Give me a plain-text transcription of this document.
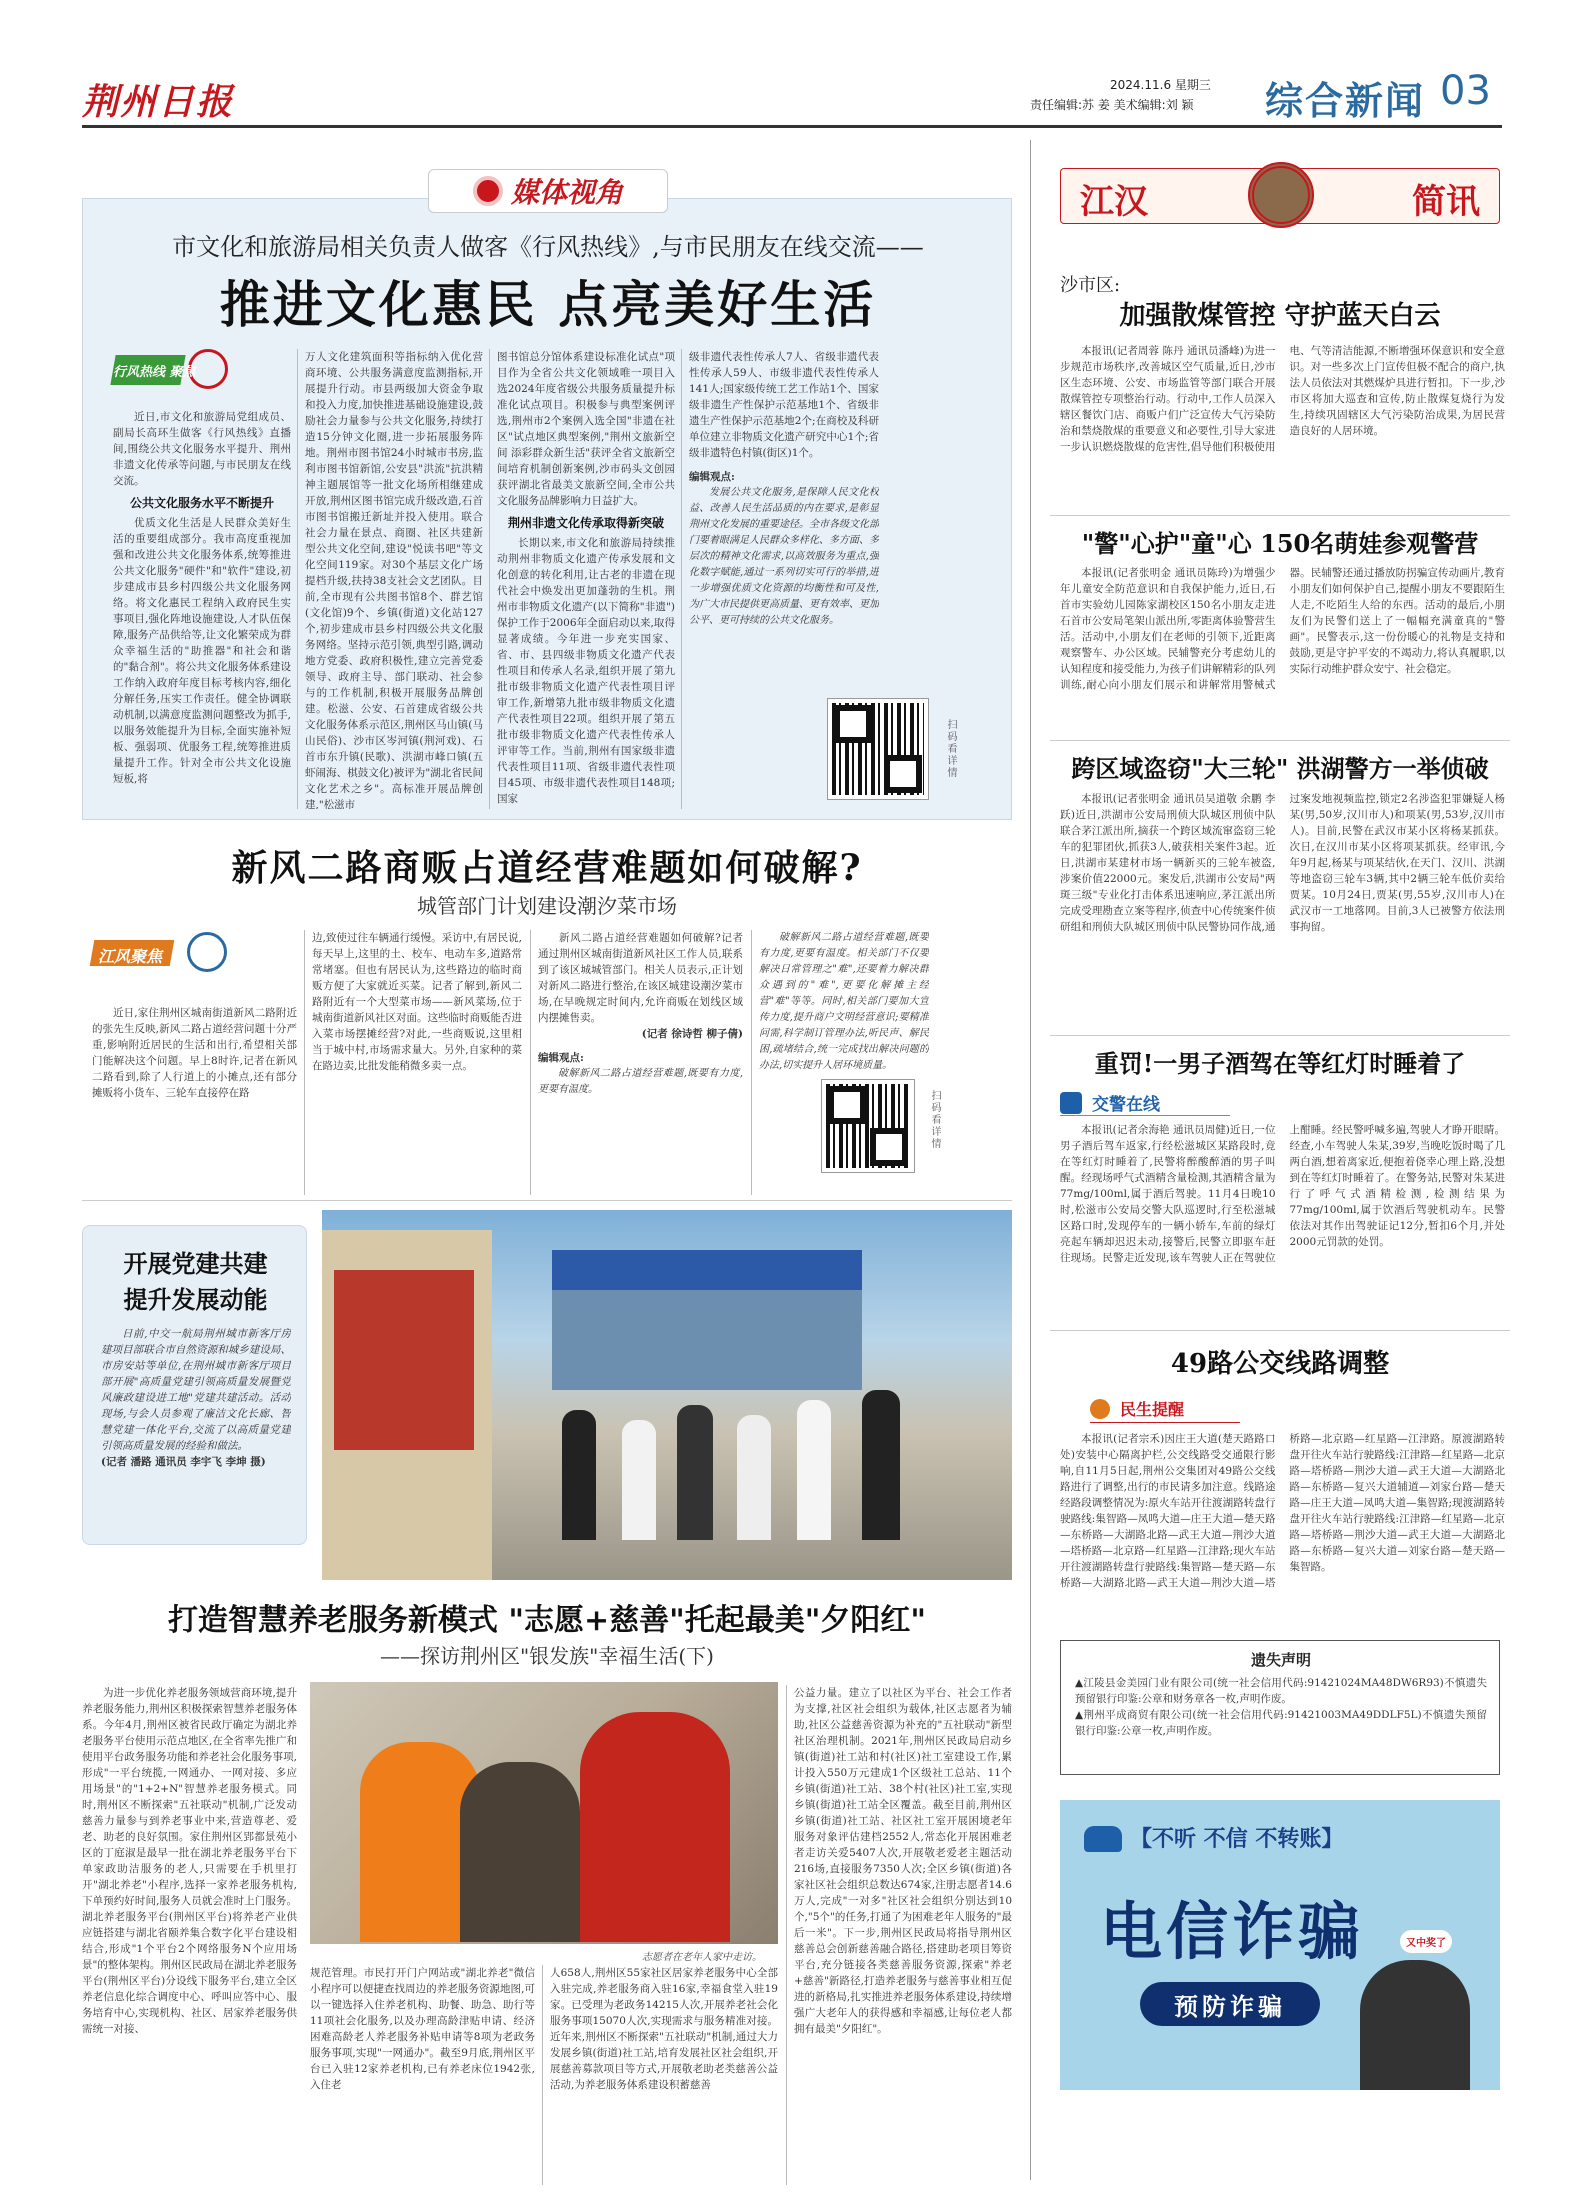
荆州日报	2024.11.6 星期三
责任编辑:苏 姜 美术编辑:刘 颖 综合新闻 03
媒体视角
市文化和旅游局相关负责人做客《行风热线》,与市民朋友在线交流——
推进文化惠民 点亮美好生活
行风热线 聚焦

近日,市文化和旅游局党组成员、副局长高环生做客《行风热线》直播间,围绕公共文化服务水平提升、荆州非遗文化传承等问题,与市民朋友在线交流。

公共文化服务水平不断提升

优质文化生活是人民群众美好生活的重要组成部分。我市高度重视加强和改进公共文化服务体系,统筹推进公共文化服务"硬件"和"软件"建设,初步建成市县乡村四级公共文化服务网络。将文化惠民工程纳入政府民生实事项目,强化阵地设施建设,人才队伍保障,服务产品供给等,让文化繁荣成为群众幸福生活的"助推器"和社会和谐的"黏合剂"。将公共文化服务体系建设工作纳入政府年度目标考核内容,细化分解任务,压实工作责任。健全协调联动机制,以满意度监测问题整改为抓手,以服务效能提升为目标,全面实施补短板、强弱项、优服务工程,统筹推进质量提升工作。针对全市公共文化设施短板,将

万人文化建筑面积等指标纳入优化营商环境、公共服务满意度监测指标,开展提升行动。市县两级加大资金争取和投入力度,加快推进基础设施建设,鼓励社会力量参与公共文化服务,持续打造15分钟文化圈,进一步拓展服务阵地。荆州市图书馆24小时城市书房,监利市图书馆新馆,公安县"洪流"抗洪精神主题展馆等一批文化场所相继建成开放,荆州区图书馆完成升级改造,石首市图书馆搬迁新址并投入使用。联合社会力量在景点、商圈、社区共建新型公共文化空间,建设"悦读书吧"等文化空间119家。对30个基层文化广场提档升级,扶持38支社会文艺团队。目前,全市现有公共图书馆8个、群艺馆(文化馆)9个、乡镇(街道)文化站127个,初步建成市县乡村四级公共文化服务网络。坚持示范引领,典型引路,调动地方党委、政府积极性,建立完善党委领导、政府主导、部门联动、社会参与的工作机制,积极开展服务品牌创建。松滋、公安、石首建成省级公共文化服务体系示范区,荆州区马山镇(马山民俗)、沙市区岑河镇(荆河戏)、石首市东升镇(民歌)、洪湖市峰口镇(五虾闹海、棋鼓文化)被评为"湖北省民间文化艺术之乡"。高标准开展品牌创建,"松滋市

图书馆总分馆体系建设标准化试点"项目作为全省公共文化领域唯一项目入选2024年度省级公共服务质量提升标准化试点项目。积极参与典型案例评选,荆州市2个案例入选全国"非遗在社区"试点地区典型案例,"荆州文旅新空间 添彩群众新生活"获评全省文旅新空间培育机制创新案例,沙市码头文创园获评湖北省最美文旅新空间,全市公共文化服务品牌影响力日益扩大。

荆州非遗文化传承取得新突破

长期以来,市文化和旅游局持续推动荆州非物质文化遗产传承发展和文化创意的转化利用,让古老的非遗在现代社会中焕发出更加蓬勃的生机。荆州市非物质文化遗产(以下简称"非遗")保护工作于2006年全面启动以来,取得显著成绩。今年进一步充实国家、省、市、县四级非物质文化遗产代表性项目和传承人名录,组织开展了第九批市级非物质文化遗产代表性项目评审工作,新增第九批市级非物质文化遗产代表性项目22项。组织开展了第五批市级非物质文化遗产代表性传承人评审等工作。当前,荆州有国家级非遗代表性项目11项、省级非遗代表性项目45项、市级非遗代表性项目148项;国家

级非遗代表性传承人7人、省级非遗代表性传承人59人、市级非遗代表性传承人141人;国家级传统工艺工作站1个、国家级非遗生产性保护示范基地1个、省级非遗生产性保护示范基地2个;在商校及科研单位建立非物质文化遗产研究中心1个;省级非遗特色村镇(街区)1个。

编辑观点:

发展公共文化服务,是保障人民文化权益、改善人民生活品质的内在要求,是彰显荆州文化发展的重要途径。全市各级文化部门要着眼满足人民群众多样化、多方面、多层次的精神文化需求,以高效服务为重点,强化数字赋能,通过一系列切实可行的举措,进一步增强优质文化资源的均衡性和可及性,为广大市民提供更高质量、更有效率、更加公平、更可持续的公共文化服务。

扫码看详情
新风二路商贩占道经营难题如何破解?
城管部门计划建设潮汐菜市场
江风聚焦

近日,家住荆州区城南街道新风二路附近的张先生反映,新风二路占道经营问题十分严重,影响附近居民的生活和出行,希望相关部门能解决这个问题。早上8时许,记者在新风二路看到,除了人行道上的小摊点,还有部分摊贩将小货车、三轮车直接停在路

边,致使过往车辆通行缓慢。采访中,有居民说,每天早上,这里的土、校车、电动车多,道路常常堵塞。但也有居民认为,这些路边的临时商贩方便了大家就近买菜。记者了解到,新风二路附近有一个大型菜市场——新风菜场,位于城南街道新风社区对面。这些临时商贩能否进入菜市场摆摊经营?对此,一些商贩说,这里相当于城中村,市场需求量大。另外,自家种的菜在路边卖,比批发能稍微多卖一点。

新风二路占道经营难题如何破解?记者通过荆州区城南街道新风社区工作人员,联系到了该区城城管部门。相关人员表示,正计划对新风二路进行整治,在该区城建设潮汐菜市场,在早晚规定时间内,允许商贩在划线区域内摆摊售卖。

(记者 徐诗哲 柳子倩)
编辑观点:

破解新风二路占道经营难题,既要有力度,更要有温度。

破解新风二路占道经营难题,既要有力度,更要有温度。相关部门不仅要解决日常管理之"难",还要着力解决群众遇到的"难",更要化解摊主经营"难"等等。同时,相关部门要加大宣传力度,提升商户文明经营意识;要精准问需,科学制订管理办法,听民声、解民困,疏堵结合,统一完成找出解决问题的办法,切实提升人居环境质量。

扫码看详情
开展党建共建
提升发展动能

日前,中交一航局荆州城市新客厅房建项目部联合市自然资源和城乡建设局、市房安站等单位,在荆州城市新客厅项目部开展"高质量党建引领高质量发展暨党风廉政建设进工地"党建共建活动。活动现场,与会人员参观了廉洁文化长廊、智慧党建一体化平台,交流了以高质量党建引领高质量发展的经验和做法。

(记者 潘路 通讯员 李宇飞 李坤 摄)
打造智慧养老服务新模式 "志愿+慈善"托起最美"夕阳红"
——探访荆州区"银发族"幸福生活(下)

为进一步优化养老服务领域营商环境,提升养老服务能力,荆州区积极探索智慧养老服务体系。今年4月,荆州区被省民政厅确定为湖北养老服务平台使用示范点地区,在全省率先推广和使用平台政务服务功能和养老社会化服务事项,形成"一平台统揽,一网通办、一网对接、多应用场景"的"1+2+N"智慧养老服务模式。同时,荆州区不断探索"五社联动"机制,广泛发动慈善力量参与到养老事业中来,营造尊老、爱老、助老的良好氛围。家住荆州区郢都景苑小区的丁庭淑是最早一批在湖北养老服务平台下单家政助洁服务的老人,只需要在手机里打开"湖北养老"小程序,选择一家养老服务机构,下单预约好时间,服务人员就会准时上门服务。湖北养老服务平台(荆州区平台)将养老产业供应链搭建与湖北省颐养集合数字化平台建设相结合,形成"1个平台2个网络服务N个应用场景"的整体架构。荆州区民政局在湖北养老服务平台(荆州区平台)分设线下服务平台,建立全区养老信息化综合调度中心、呼叫应答中心、服务培育中心,实现机构、社区、居家养老服务供需统一对接、

志愿者在老年人家中走访。

规范管理。市民打开门户网站或"湖北养老"微信小程序可以便捷查找周边的养老服务资源地图,可以一键选择入住养老机构、助餐、助急、助行等11项社会化服务,以及办理高龄津贴申请、经济困难高龄老人养老服务补贴申请等8项为老政务服务事项,实现"一网通办"。截至9月底,荆州区平台已入驻12家养老机构,已有养老床位1942张,入住老

人658人,荆州区55家社区居家养老服务中心全部入驻完成,养老服务商入驻16家,幸福食堂入驻19家。已受理为老政务14215人次,开展养老社会化服务事项15070人次,实现需求与服务精准对接。近年来,荆州区不断探索"五社联动"机制,通过大力发展乡镇(街道)社工站,培育发展社区社会组织,开展慈善募款项目等方式,开展敬老助老类慈善公益活动,为养老服务体系建设积蓄慈善

公益力量。建立了以社区为平台、社会工作者为支撑,社区社会组织为载体,社区志愿者为辅助,社区公益慈善资源为补充的"五社联动"新型社区治理机制。2021年,荆州区民政局启动乡镇(街道)社工站和村(社区)社工室建设工作,累计投入550万元建成1个区级社工总站、11个乡镇(街道)社工站、38个村(社区)社工室,实现乡镇(街道)社工站全区覆盖。截至目前,荆州区乡镇(街道)社工站、社区社工室开展困境老年服务对象评估建档2552人,常态化开展困难老者走访关爱5407人次,开展敬老爱老主题活动216场,直接服务7350人次;全区乡镇(街道)各家社区社会组织总数达674家,注册志愿者14.6万人,完成"一对多"社区社会组织分别达到10个,"5个"的任务,打通了为困难老年人服务的"最后一米"。下一步,荆州区民政局将指导荆州区慈善总会创新慈善融合路径,搭建助老项目筹资平台,充分链接各类慈善服务资源,探索"养老+慈善"新路径,打造养老服务与慈善事业相互促进的新格局,扎实推进养老服务体系建设,持续增强广大老年人的获得感和幸福感,让每位老人都拥有最美"夕阳红"。

江汉	简讯
沙市区:
加强散煤管控 守护蓝天白云

本报讯(记者周蓉 陈丹 通讯员潘峰)为进一步规范市场秩序,改善城区空气质量,近日,沙市区生态环境、公安、市场监管等部门联合开展散煤管控专项整治行动。行动中,工作人员深入辖区餐饮门店、商贩户们广泛宣传大气污染防治和禁烧散煤的重要意义和必要性,引导大家进一步认识燃烧散煤的危害性,倡导他们积极使用电、气等清洁能源,不断增强环保意识和安全意识。对一些多次上门宣传但极不配合的商户,执法人员依法对其燃煤炉具进行暂扣。下一步,沙市区将加大巡查和宣传,防止散煤复烧行为发生,持续巩固辖区大气污染防治成果,为居民营造良好的人居环境。

"警"心护"童"心 150名萌娃参观警营

本报讯(记者张明金 通讯员陈玲)为增强少年儿童安全防范意识和自我保护能力,近日,石首市实验幼儿园陈家湖校区150名小朋友走进石首市公安局笔架山派出所,零距离体验警营生活。活动中,小朋友们在老师的引领下,近距离观察警车、办公区域。民辅警充分考虑幼儿的认知程度和接受能力,为孩子们讲解精彩的队列训练,耐心向小朋友们展示和讲解常用警械式器。民辅警还通过播放防拐骗宣传动画片,教育小朋友们如何保护自己,提醒小朋友不要跟陌生人走,不吃陌生人给的东西。活动的最后,小朋友们为民警们送上了一幅幅充满童真的"警画"。民警表示,这一份份暖心的礼物是支持和鼓励,更是守护平安的不竭动力,将认真履职,以实际行动维护群众安宁、社会稳定。

跨区域盗窃"大三轮" 洪湖警方一举侦破

本报讯(记者张明金 通讯员吴道敬 余鹏 李跃)近日,洪湖市公安局刑侦大队城区刑侦中队联合茅江派出所,摘获一个跨区域流窜盗窃三轮车的犯罪团伙,抓获3人,破获相关案件3起。近日,洪湖市某建材市场一辆新买的三轮车被盗,涉案价值22000元。案发后,洪湖市公安局"两斑三级"专业化打击体系迅速响应,茅江派出所完成受理勘查立案等程序,侦查中心传统案件侦研组和刑侦大队城区刑侦中队民警协同作战,通过案发地视频监控,锁定2名涉盗犯罪嫌疑人杨某(男,50岁,汉川市人)和项某(男,53岁,汉川市人)。目前,民警在武汉市某小区将杨某抓获。次日,在汉川市某小区将项某抓获。经审讯,今年9月起,杨某与项某结伙,在天门、汉川、洪湖等地盗窃三轮车3辆,其中2辆三轮车低价卖给贾某。10月24日,贾某(男,55岁,汉川市人)在武汉市一工地落网。目前,3人已被警方依法刑事拘留。

重罚!一男子酒驾在等红灯时睡着了
交警在线

本报讯(记者余海艳 通讯员周健)近日,一位男子酒后驾车返家,行经松滋城区某路段时,竟在等红灯时睡着了,民警将醉酸醉酒的男子叫醒。经现场呼气式酒精含量检测,其酒精含量为77mg/100ml,属于酒后驾驶。11月4日晚10时,松滋市公安局交警大队巡逻时,行至松滋城区路口时,发现停车的一辆小轿车,车前的绿灯亮起车辆却迟迟未动,接警后,民警立即驱车赶往现场。民警走近发现,该车驾驶人正在驾驶位上酣睡。经民警呼喊多遍,驾驶人才睁开眼睛。经查,小车驾驶人朱某,39岁,当晚吃饭时喝了几两白酒,想着离家近,便抱着侥幸心理上路,没想到在等红灯时睡着了。在警务站,民警对朱某进行了呼气式酒精检测,检测结果为77mg/100ml,属于饮酒后驾驶机动车。民警依法对其作出驾驶证记12分,暂扣6个月,并处2000元罚款的处罚。

49路公交线路调整
民生提醒

本报讯(记者宗禾)因庄王大道(楚天路路口处)安装中心隔离护栏,公交线路受交通限行影响,自11月5日起,荆州公交集团对49路公交线路进行了调整,出行的市民请多加注意。线路途经路段调整情况为:原火车站开往渡湖路转盘行驶路线:集智路—凤鸣大道—庄王大道—楚天路—东桥路—大湖路北路—武王大道—荆沙大道—塔桥路—北京路—红星路—江津路;现火车站开往渡湖路转盘行驶路线:集智路—楚天路—东桥路—大湖路北路—武王大道—荆沙大道—塔桥路—北京路—红星路—江津路。原渡湖路转盘开往火车站行驶路线:江津路—红星路—北京路—塔桥路—荆沙大道—武王大道—大湖路北路—东桥路—复兴大道辅道—刘家台路—楚天路—庄王大道—凤鸣大道—集智路;现渡湖路转盘开往火车站行驶路线:江津路—红星路—北京路—塔桥路—荆沙大道—武王大道—大湖路北路—东桥路—复兴大道—刘家台路—楚天路—集智路。

遗失声明

▲江陵县金美园门业有限公司(统一社会信用代码:91421024MA48DW6R93)不慎遗失预留银行印鉴:公章和财务章各一枚,声明作废。

▲荆州平成商贸有限公司(统一社会信用代码:91421003MA49DDLF5L)不慎遗失预留银行印鉴:公章一枚,声明作废。

【不听 不信 不转账】
电信诈骗
预防诈骗
又中奖了
